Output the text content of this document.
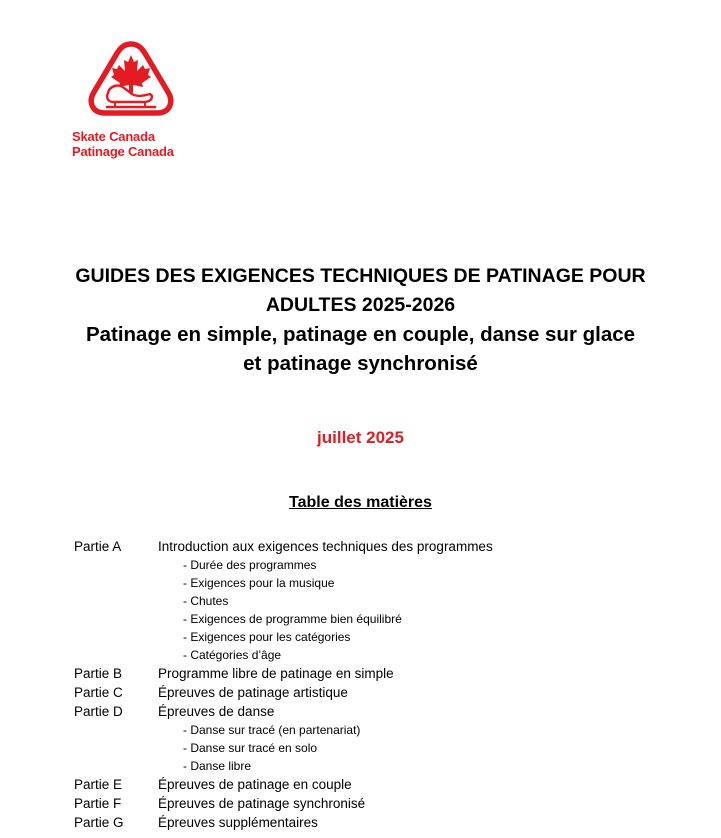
Skate Canada
Patinage Canada
GUIDES DES EXIGENCES TECHNIQUES DE PATINAGE POUR
ADULTES 2025-2026
Patinage en simple, patinage en couple, danse sur glace
et patinage synchronisé
juillet 2025
Table des matières
Partie A	Introduction aux exigences techniques des programmes
- Durée des programmes
- Exigences pour la musique
- Chutes
- Exigences de programme bien équilibré
- Exigences pour les catégories
- Catégories d’âge
Partie B	Programme libre de patinage en simple
Partie C	Épreuves de patinage artistique
Partie D	Épreuves de danse
- Danse sur tracé (en partenariat)
- Danse sur tracé en solo
- Danse libre
Partie E	Épreuves de patinage en couple
Partie F	Épreuves de patinage synchronisé
Partie G	Épreuves supplémentaires
